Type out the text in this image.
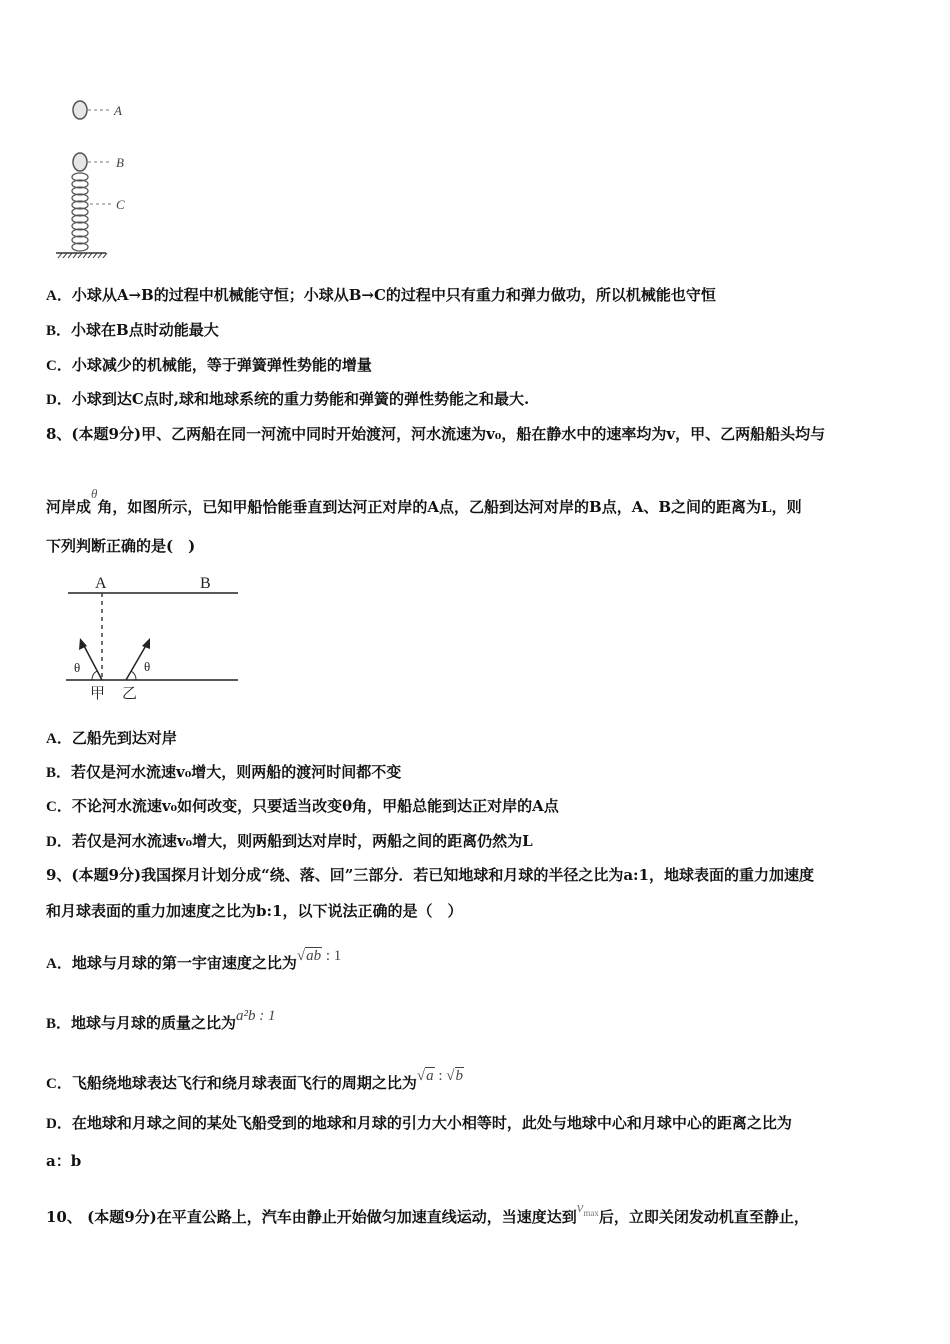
A
B
C
A．小球从A→B的过程中机械能守恒；小球从B→C的过程中只有重力和弹力做功，所以机械能也守恒
B．小球在B点时动能最大
C．小球减少的机械能，等于弹簧弹性势能的增量
D．小球到达C点时,球和地球系统的重力势能和弹簧的弹性势能之和最大.
8、(本题9分)甲、乙两船在同一河流中同时开始渡河，河水流速为v₀，船在静水中的速率均为v，甲、乙两船船头均与
河岸成θ角，如图所示，已知甲船恰能垂直到达河正对岸的A点，乙船到达河对岸的B点，A、B之间的距离为L，则
下列判断正确的是(　)
A	B
θ	θ
甲 乙
A．乙船先到达对岸
B．若仅是河水流速v₀增大，则两船的渡河时间都不变
C．不论河水流速v₀如何改变，只要适当改变θ角，甲船总能到达正对岸的A点
D．若仅是河水流速v₀增大，则两船到达对岸时，两船之间的距离仍然为L
9、(本题9分)我国探月计划分成“绕、落、回”三部分．若已知地球和月球的半径之比为a:1，地球表面的重力加速度
和月球表面的重力加速度之比为b:1，以下说法正确的是（　）
A．地球与月球的第一宇宙速度之比为√ab : 1
B．地球与月球的质量之比为a²b : 1
C．飞船绕地球表达飞行和绕月球表面飞行的周期之比为√a : √b
D．在地球和月球之间的某处飞船受到的地球和月球的引力大小相等时，此处与地球中心和月球中心的距离之比为
a：b
10、 (本题9分)在平直公路上，汽车由静止开始做匀加速直线运动，当速度达到$v_{max}$后，立即关闭发动机直至静止，
